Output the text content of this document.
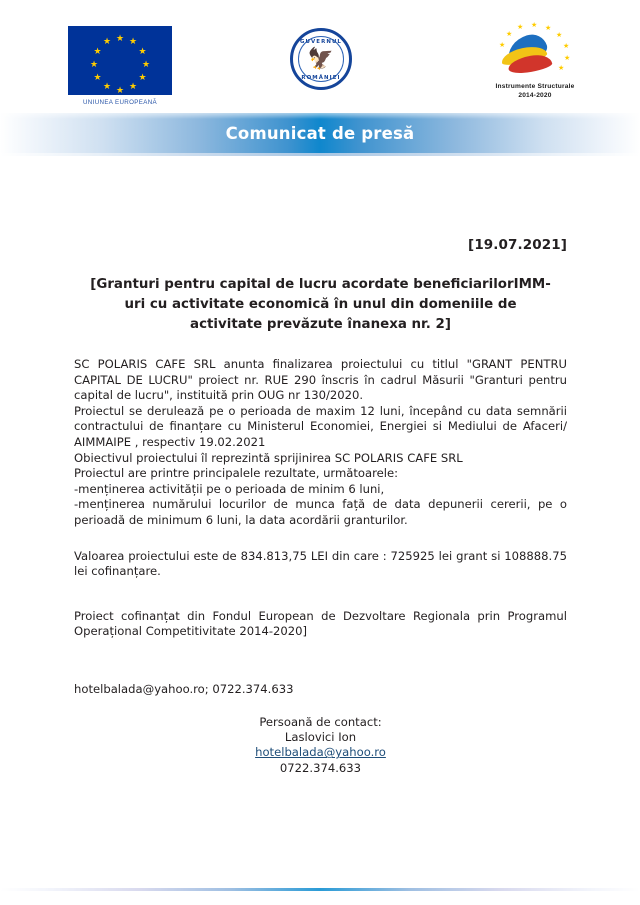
★ ★
★
★
★
★
★
★
★
★
★
★
UNIUNEA EUROPEANĂ
GUVERNUL
🦅
ROMÂNIEI
★ ★ ★
★
★
★
★
★
★
Instrumente Structurale
2014-2020
Comunicat de presă
[19.07.2021]
[Granturi pentru capital de lucru acordate beneficiarilorIMM-
uri cu activitate economică în unul din domeniile de
activitate prevăzute înanexa nr. 2]

SC POLARIS CAFE SRL anunta finalizarea proiectului cu titlul "GRANT PENTRU CAPITAL DE LUCRU" proiect nr. RUE 290 înscris în cadrul Măsurii "Granturi pentru capital de lucru", instituită prin OUG nr 130/2020.

Proiectul se derulează pe o perioada de maxim 12 luni, începând cu data semnării contractului de finanțare cu Ministerul Economiei, Energiei si Mediului de Afaceri/ AIMMAIPE , respectiv 19.02.2021

Obiectivul proiectului îl reprezintă sprijinirea SC POLARIS CAFE SRL

Proiectul are printre principalele rezultate, următoarele:

-menținerea activității pe o perioada de minim 6 luni,

-menținerea numărului locurilor de munca față de data depunerii cererii, pe o perioadă de minimum 6 luni, la data acordării granturilor.

Valoarea proiectului este de 834.813,75 LEI din care : 725925 lei grant si 108888.75 lei cofinanțare.

Proiect cofinanțat din Fondul European de Dezvoltare Regionala prin Programul Operațional Competitivitate 2014-2020]

hotelbalada@yahoo.ro; 0722.374.633

Persoană de contact:
Laslovici Ion
hotelbalada@yahoo.ro
0722.374.633
